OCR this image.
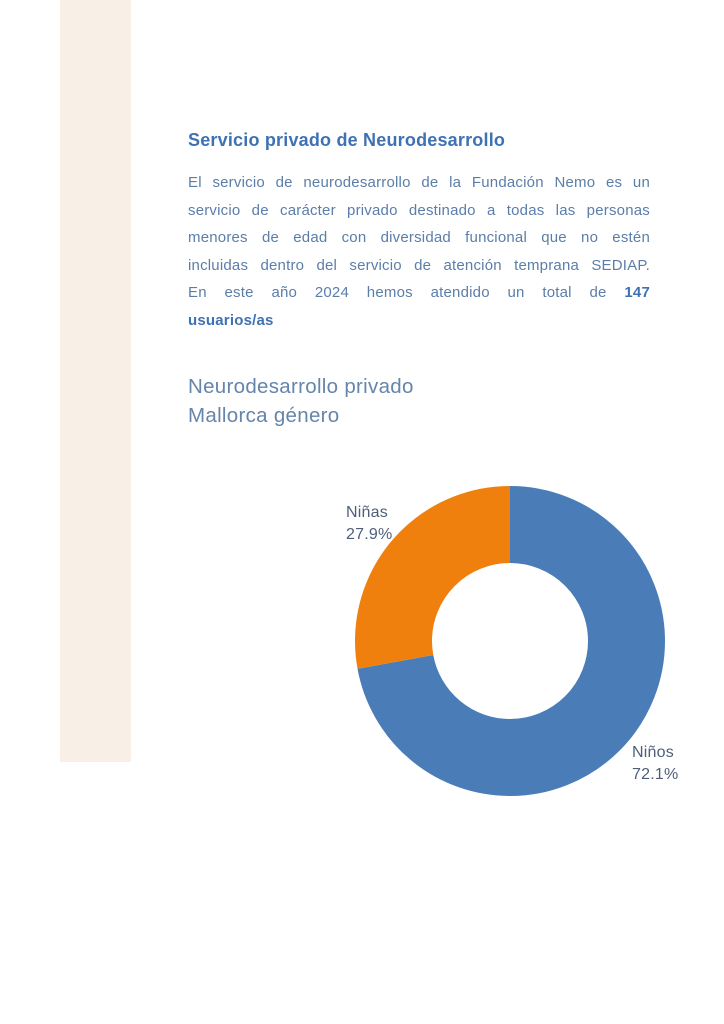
Servicio privado de Neurodesarrollo
El servicio de neurodesarrollo de la Fundación Nemo es un
servicio de carácter privado destinado a todas las personas
menores de edad con diversidad funcional que no estén
incluidas dentro del servicio de atención temprana SEDIAP.
En este año 2024 hemos atendido un total de 147
usuarios/as
Neurodesarrollo privado
Mallorca género
Niñas
27.9%
Niños
72.1%
